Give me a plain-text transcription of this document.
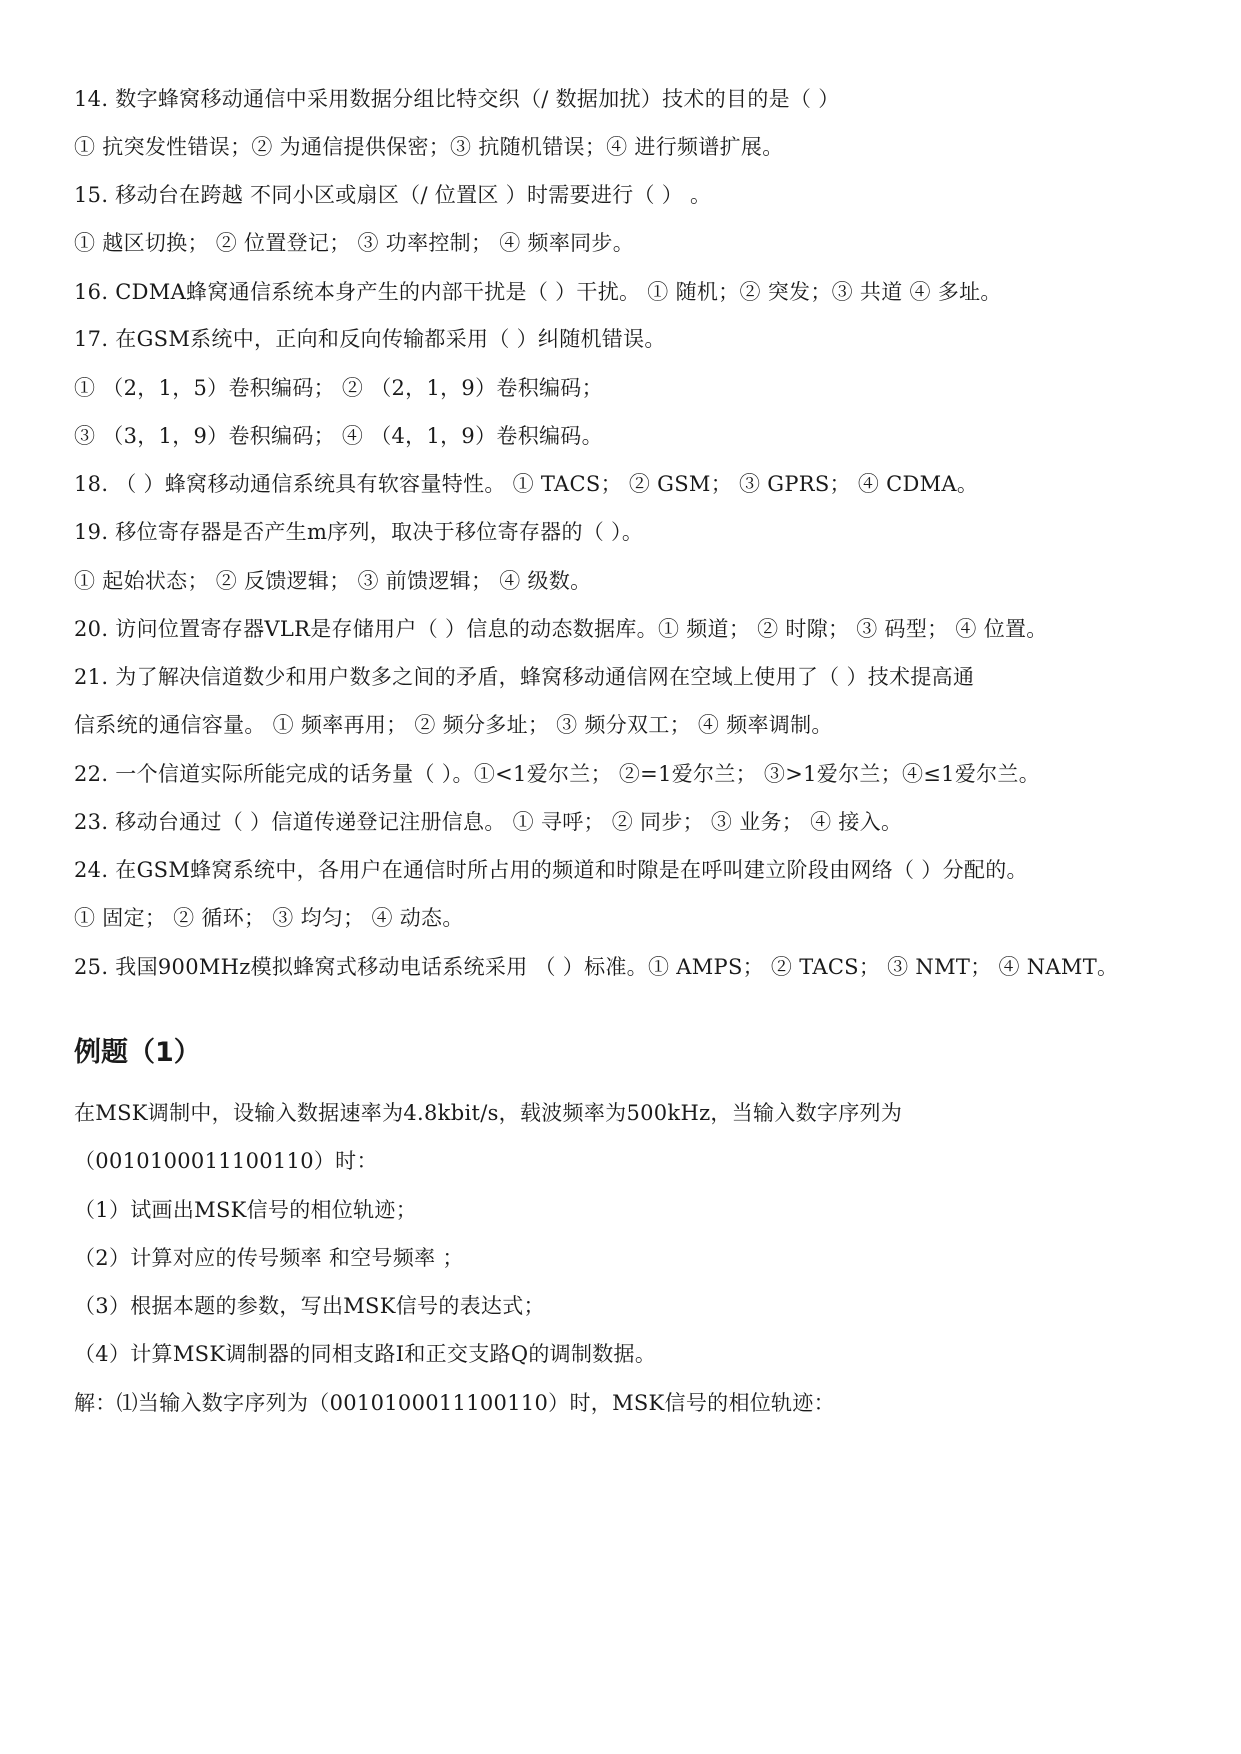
14. 数字蜂窝移动通信中采用数据分组比特交织（/ 数据加扰）技术的目的是（ ）
① 抗突发性错误；② 为通信提供保密；③ 抗随机错误；④ 进行频谱扩展。
15. 移动台在跨越 不同小区或扇区（/ 位置区 ）时需要进行（ ） 。
① 越区切换； ② 位置登记； ③ 功率控制； ④ 频率同步。
16. CDMA蜂窝通信系统本身产生的内部干扰是（ ）干扰。 ① 随机；② 突发；③ 共道 ④ 多址。
17. 在GSM系统中，正向和反向传输都采用（ ）纠随机错误。
① （2，1，5）卷积编码； ② （2，1，9）卷积编码；
③ （3，1，9）卷积编码； ④ （4，1，9）卷积编码。
18. （ ）蜂窝移动通信系统具有软容量特性。 ① TACS； ② GSM； ③ GPRS； ④ CDMA。
19. 移位寄存器是否产生m序列，取决于移位寄存器的（ ）。
① 起始状态； ② 反馈逻辑； ③ 前馈逻辑； ④ 级数。
20. 访问位置寄存器VLR是存储用户（ ）信息的动态数据库。① 频道； ② 时隙； ③ 码型； ④ 位置。
21. 为了解决信道数少和用户数多之间的矛盾，蜂窝移动通信网在空域上使用了（ ）技术提高通
信系统的通信容量。 ① 频率再用； ② 频分多址； ③ 频分双工； ④ 频率调制。
22. 一个信道实际所能完成的话务量（ ）。①<1爱尔兰； ②=1爱尔兰； ③>1爱尔兰；④≤1爱尔兰。
23. 移动台通过（ ）信道传递登记注册信息。 ① 寻呼； ② 同步； ③ 业务； ④ 接入。
24. 在GSM蜂窝系统中，各用户在通信时所占用的频道和时隙是在呼叫建立阶段由网络（ ）分配的。
① 固定； ② 循环； ③ 均匀； ④ 动态。
25. 我国900MHz模拟蜂窝式移动电话系统采用 （ ）标准。① AMPS； ② TACS； ③ NMT； ④ NAMT。
例题（1）
在MSK调制中，设输入数据速率为4.8kbit/s，载波频率为500kHz，当输入数字序列为
（0010100011100110）时：
（1）试画出MSK信号的相位轨迹；
（2）计算对应的传号频率 和空号频率 ；
（3）根据本题的参数，写出MSK信号的表达式；
（4）计算MSK调制器的同相支路I和正交支路Q的调制数据。
解：⑴当输入数字序列为（0010100011100110）时，MSK信号的相位轨迹：
